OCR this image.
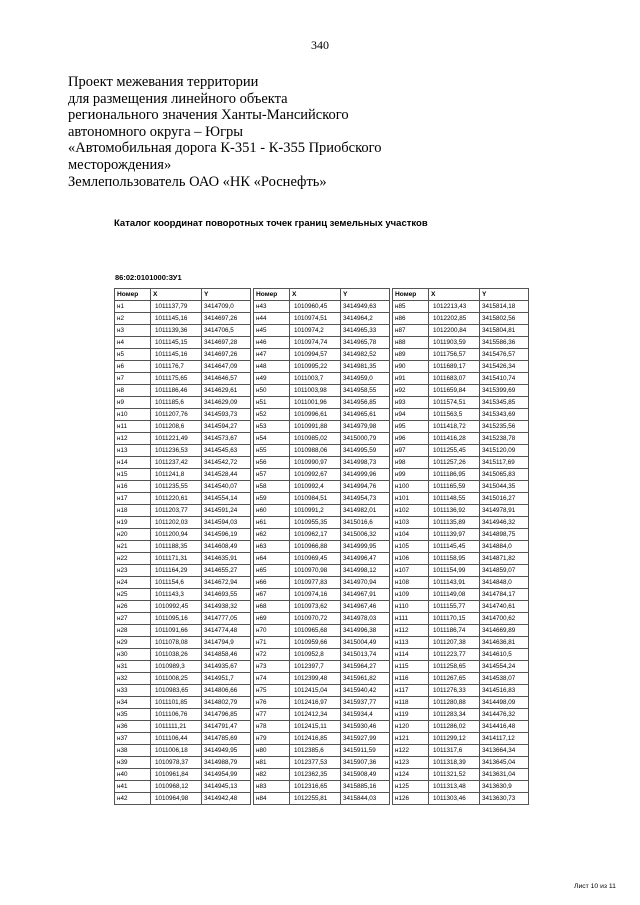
340
Проект межевания территории
для размещения линейного объекта
регионального значения Ханты-Мансийского
автономного округа – Югры
«Автомобильная дорога К-351 - К-355 Приобского
месторождения»
Землепользователь ОАО «НК «Роснефть»
Каталог координат поворотных точек границ земельных участков
86:02:0101000:ЗУ1
Номер	X	Y
н1	1011137,79	3414709,0
н2	1011145,16	3414697,26
н3	1011139,36	3414706,5
н4	1011145,15	3414697,28
н5	1011145,16	3414697,26
н6	1011176,7	3414647,09
н7	1011175,65	3414646,57
н8	1011186,46	3414629,61
н9	1011185,6	3414629,09
н10	1011207,76	3414593,73
н11	1011208,6	3414594,27
н12	1011221,49	3414573,67
н13	1011236,53	3414545,63
н14	1011237,42	3414542,72
н15	1011241,8	3414528,44
н16	1011235,55	3414540,07
н17	1011220,61	3414554,14
н18	1011203,77	3414591,24
н19	1011202,03	3414594,03
н20	1011200,94	3414596,19
н21	1011188,35	3414608,49
н22	1011171,31	3414635,91
н23	1011164,29	3414655,27
н24	1011154,6	3414672,94
н25	1011143,3	3414693,55
н26	1010992,45	3414938,32
н27	1011095,16	3414777,05
н28	1011091,66	3414774,48
н29	1011078,08	3414794,9
н30	1011038,26	3414858,46
н31	1010989,3	3414935,67
н32	1011008,25	3414951,7
н33	1010983,65	3414806,66
н34	1011101,85	3414802,79
н35	1011106,76	3414796,85
н36	1011111,21	3414791,47
н37	1011106,44	3414785,69
н38	1011006,18	3414949,95
н39	1010978,37	3414988,79
н40	1010961,84	3414954,99
н41	1010968,12	3414945,13
н42	1010964,98	3414942,48
Номер	X	Y
н43	1010960,45	3414949,63
н44	1010974,51	3414964,2
н45	1010974,2	3414965,33
н46	1010974,74	3414965,78
н47	1010994,57	3414982,52
н48	1010995,22	3414981,35
н49	1011003,7	3414959,0
н50	1011003,98	3414958,55
н51	1011001,96	3414956,85
н52	1010996,61	3414965,61
н53	1010991,88	3414979,98
н54	1010985,02	3415000,79
н55	1010988,06	3414995,59
н56	1010990,97	3414998,73
н57	1010992,67	3414999,96
н58	1010992,4	3414994,76
н59	1010984,51	3414954,73
н60	1010991,2	3414982,01
н61	1010955,35	3415016,6
н62	1010962,17	3415006,32
н63	1010966,88	3414999,95
н64	1010969,45	3414996,47
н65	1010970,98	3414998,12
н66	1010977,83	3414970,94
н67	1010974,16	3414967,91
н68	1010973,62	3414967,46
н69	1010970,72	3414978,03
н70	1010965,68	3414996,38
н71	1010959,66	3415004,49
н72	1010952,8	3415013,74
н73	1012397,7	3415964,27
н74	1012399,48	3415961,82
н75	1012415,04	3415940,42
н76	1012416,97	3415937,77
н77	1012412,34	3415934,4
н78	1012415,11	3415930,46
н79	1012416,85	3415927,99
н80	1012385,6	3415911,59
н81	1012377,53	3415907,36
н82	1012362,35	3415908,49
н83	1012316,65	3415885,16
н84	1012255,81	3415844,03
Номер	X	Y
н85	1012213,43	3415814,18
н86	1012202,85	3415802,56
н87	1012200,84	3415804,81
н88	1011903,59	3415586,36
н89	1011756,57	3415476,57
н90	1011689,17	3415426,34
н91	1011683,07	3415410,74
н92	1011659,84	3415399,69
н93	1011574,51	3415345,85
н94	1011563,5	3415343,69
н95	1011418,72	3415235,56
н96	1011416,28	3415238,78
н97	1011255,45	3415120,09
н98	1011257,26	3415117,69
н99	1011186,95	3415065,83
н100	1011165,59	3415044,35
н101	1011148,55	3415016,27
н102	1011136,92	3414978,91
н103	1011135,89	3414946,32
н104	1011139,97	3414898,75
н105	1011145,45	3414884,0
н106	1011158,95	3414871,82
н107	1011154,99	3414859,07
н108	1011143,91	3414848,0
н109	1011149,08	3414784,17
н110	1011155,77	3414740,61
н111	1011170,15	3414700,62
н112	1011186,74	3414669,89
н113	1011207,38	3414636,81
н114	1011223,77	3414610,5
н115	1011258,65	3414554,24
н116	1011267,65	3414538,07
н117	1011276,33	3414516,83
н118	1011280,88	3414498,09
н119	1011283,34	3414476,32
н120	1011286,02	3414416,48
н121	1011299,12	3414117,12
н122	1011317,6	3413664,34
н123	1011318,39	3413645,04
н124	1011321,52	3413631,04
н125	1011313,48	3413630,9
н126	1011303,46	3413630,73
Лист 10 из 11
